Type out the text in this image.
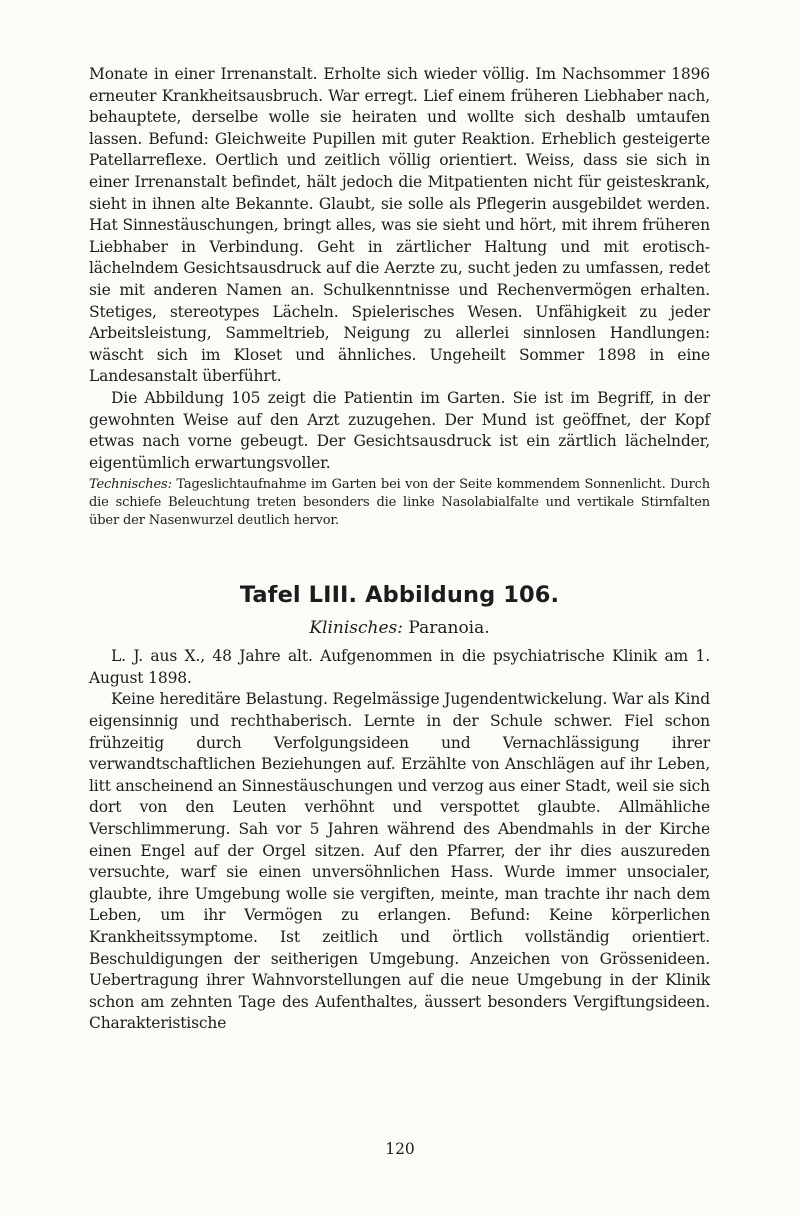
Monate in einer Irrenanstalt. Erholte sich wieder völlig. Im Nachsommer 1896 erneuter Krankheitsausbruch. War erregt. Lief einem früheren Liebhaber nach, behauptete, derselbe wolle sie heiraten und wollte sich deshalb umtaufen lassen. Befund: Gleichweite Pupillen mit guter Reaktion. Erheblich gesteigerte Patellarreflexe. Oertlich und zeitlich völlig orientiert. Weiss, dass sie sich in einer Irrenanstalt befindet, hält jedoch die Mitpatienten nicht für geisteskrank, sieht in ihnen alte Bekannte. Glaubt, sie solle als Pflegerin ausgebildet werden. Hat Sinnestäuschungen, bringt alles, was sie sieht und hört, mit ihrem früheren Liebhaber in Verbindung. Geht in zärtlicher Haltung und mit erotisch-lächelndem Gesichtsausdruck auf die Aerzte zu, sucht jeden zu umfassen, redet sie mit anderen Namen an. Schulkenntnisse und Rechenvermögen erhalten. Stetiges, stereotypes Lächeln. Spielerisches Wesen. Unfähigkeit zu jeder Arbeitsleistung, Sammeltrieb, Neigung zu allerlei sinnlosen Handlungen: wäscht sich im Kloset und ähnliches. Ungeheilt Sommer 1898 in eine Landesanstalt überführt.

Die Abbildung 105 zeigt die Patientin im Garten. Sie ist im Begriff, in der gewohnten Weise auf den Arzt zuzugehen. Der Mund ist geöffnet, der Kopf etwas nach vorne gebeugt. Der Gesichtsausdruck ist ein zärtlich lächelnder, eigentümlich erwartungsvoller.

Technisches: Tageslichtaufnahme im Garten bei von der Seite kommendem Sonnenlicht. Durch die schiefe Beleuchtung treten besonders die linke Nasolabialfalte und vertikale Stirnfalten über der Nasenwurzel deutlich hervor.

Tafel LIII. Abbildung 106.
Klinisches: Paranoia.

L. J. aus X., 48 Jahre alt. Aufgenommen in die psychiatrische Klinik am 1. August 1898.

Keine hereditäre Belastung. Regelmässige Jugendentwickelung. War als Kind eigensinnig und rechthaberisch. Lernte in der Schule schwer. Fiel schon frühzeitig durch Verfolgungsideen und Vernachlässigung ihrer verwandtschaftlichen Beziehungen auf. Erzählte von Anschlägen auf ihr Leben, litt anscheinend an Sinnestäuschungen und verzog aus einer Stadt, weil sie sich dort von den Leuten verhöhnt und verspottet glaubte. Allmähliche Verschlimmerung. Sah vor 5 Jahren während des Abendmahls in der Kirche einen Engel auf der Orgel sitzen. Auf den Pfarrer, der ihr dies auszureden versuchte, warf sie einen unversöhnlichen Hass. Wurde immer unsocialer, glaubte, ihre Umgebung wolle sie vergiften, meinte, man trachte ihr nach dem Leben, um ihr Vermögen zu erlangen. Befund: Keine körperlichen Krankheitssymptome. Ist zeitlich und örtlich vollständig orientiert. Beschuldigungen der seitherigen Umgebung. Anzeichen von Grössenideen. Uebertragung ihrer Wahnvorstellungen auf die neue Umgebung in der Klinik schon am zehnten Tage des Aufenthaltes, äussert besonders Vergiftungsideen. Charakteristische

120
